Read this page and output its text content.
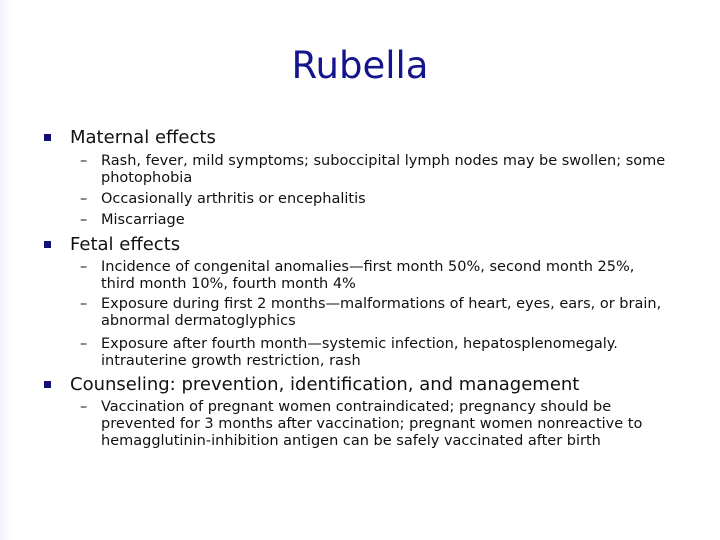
Rubella
Maternal effects
– Rash, fever, mild symptoms; suboccipital lymph nodes may be swollen; some photophobia
– Occasionally arthritis or encephalitis
– Miscarriage
Fetal effects
– Incidence of congenital anomalies—first month 50%, second month 25%, third month 10%, fourth month 4%
– Exposure during first 2 months—malformations of heart, eyes, ears, or brain, abnormal dermatoglyphics
– Exposure after fourth month—systemic infection, hepatosplenomegaly. intrauterine growth restriction, rash
Counseling: prevention, identification, and management
– Vaccination of pregnant women contraindicated; pregnancy should be prevented for 3 months after vaccination; pregnant women nonreactive to hemagglutinin-inhibition antigen can be safely vaccinated after birth
